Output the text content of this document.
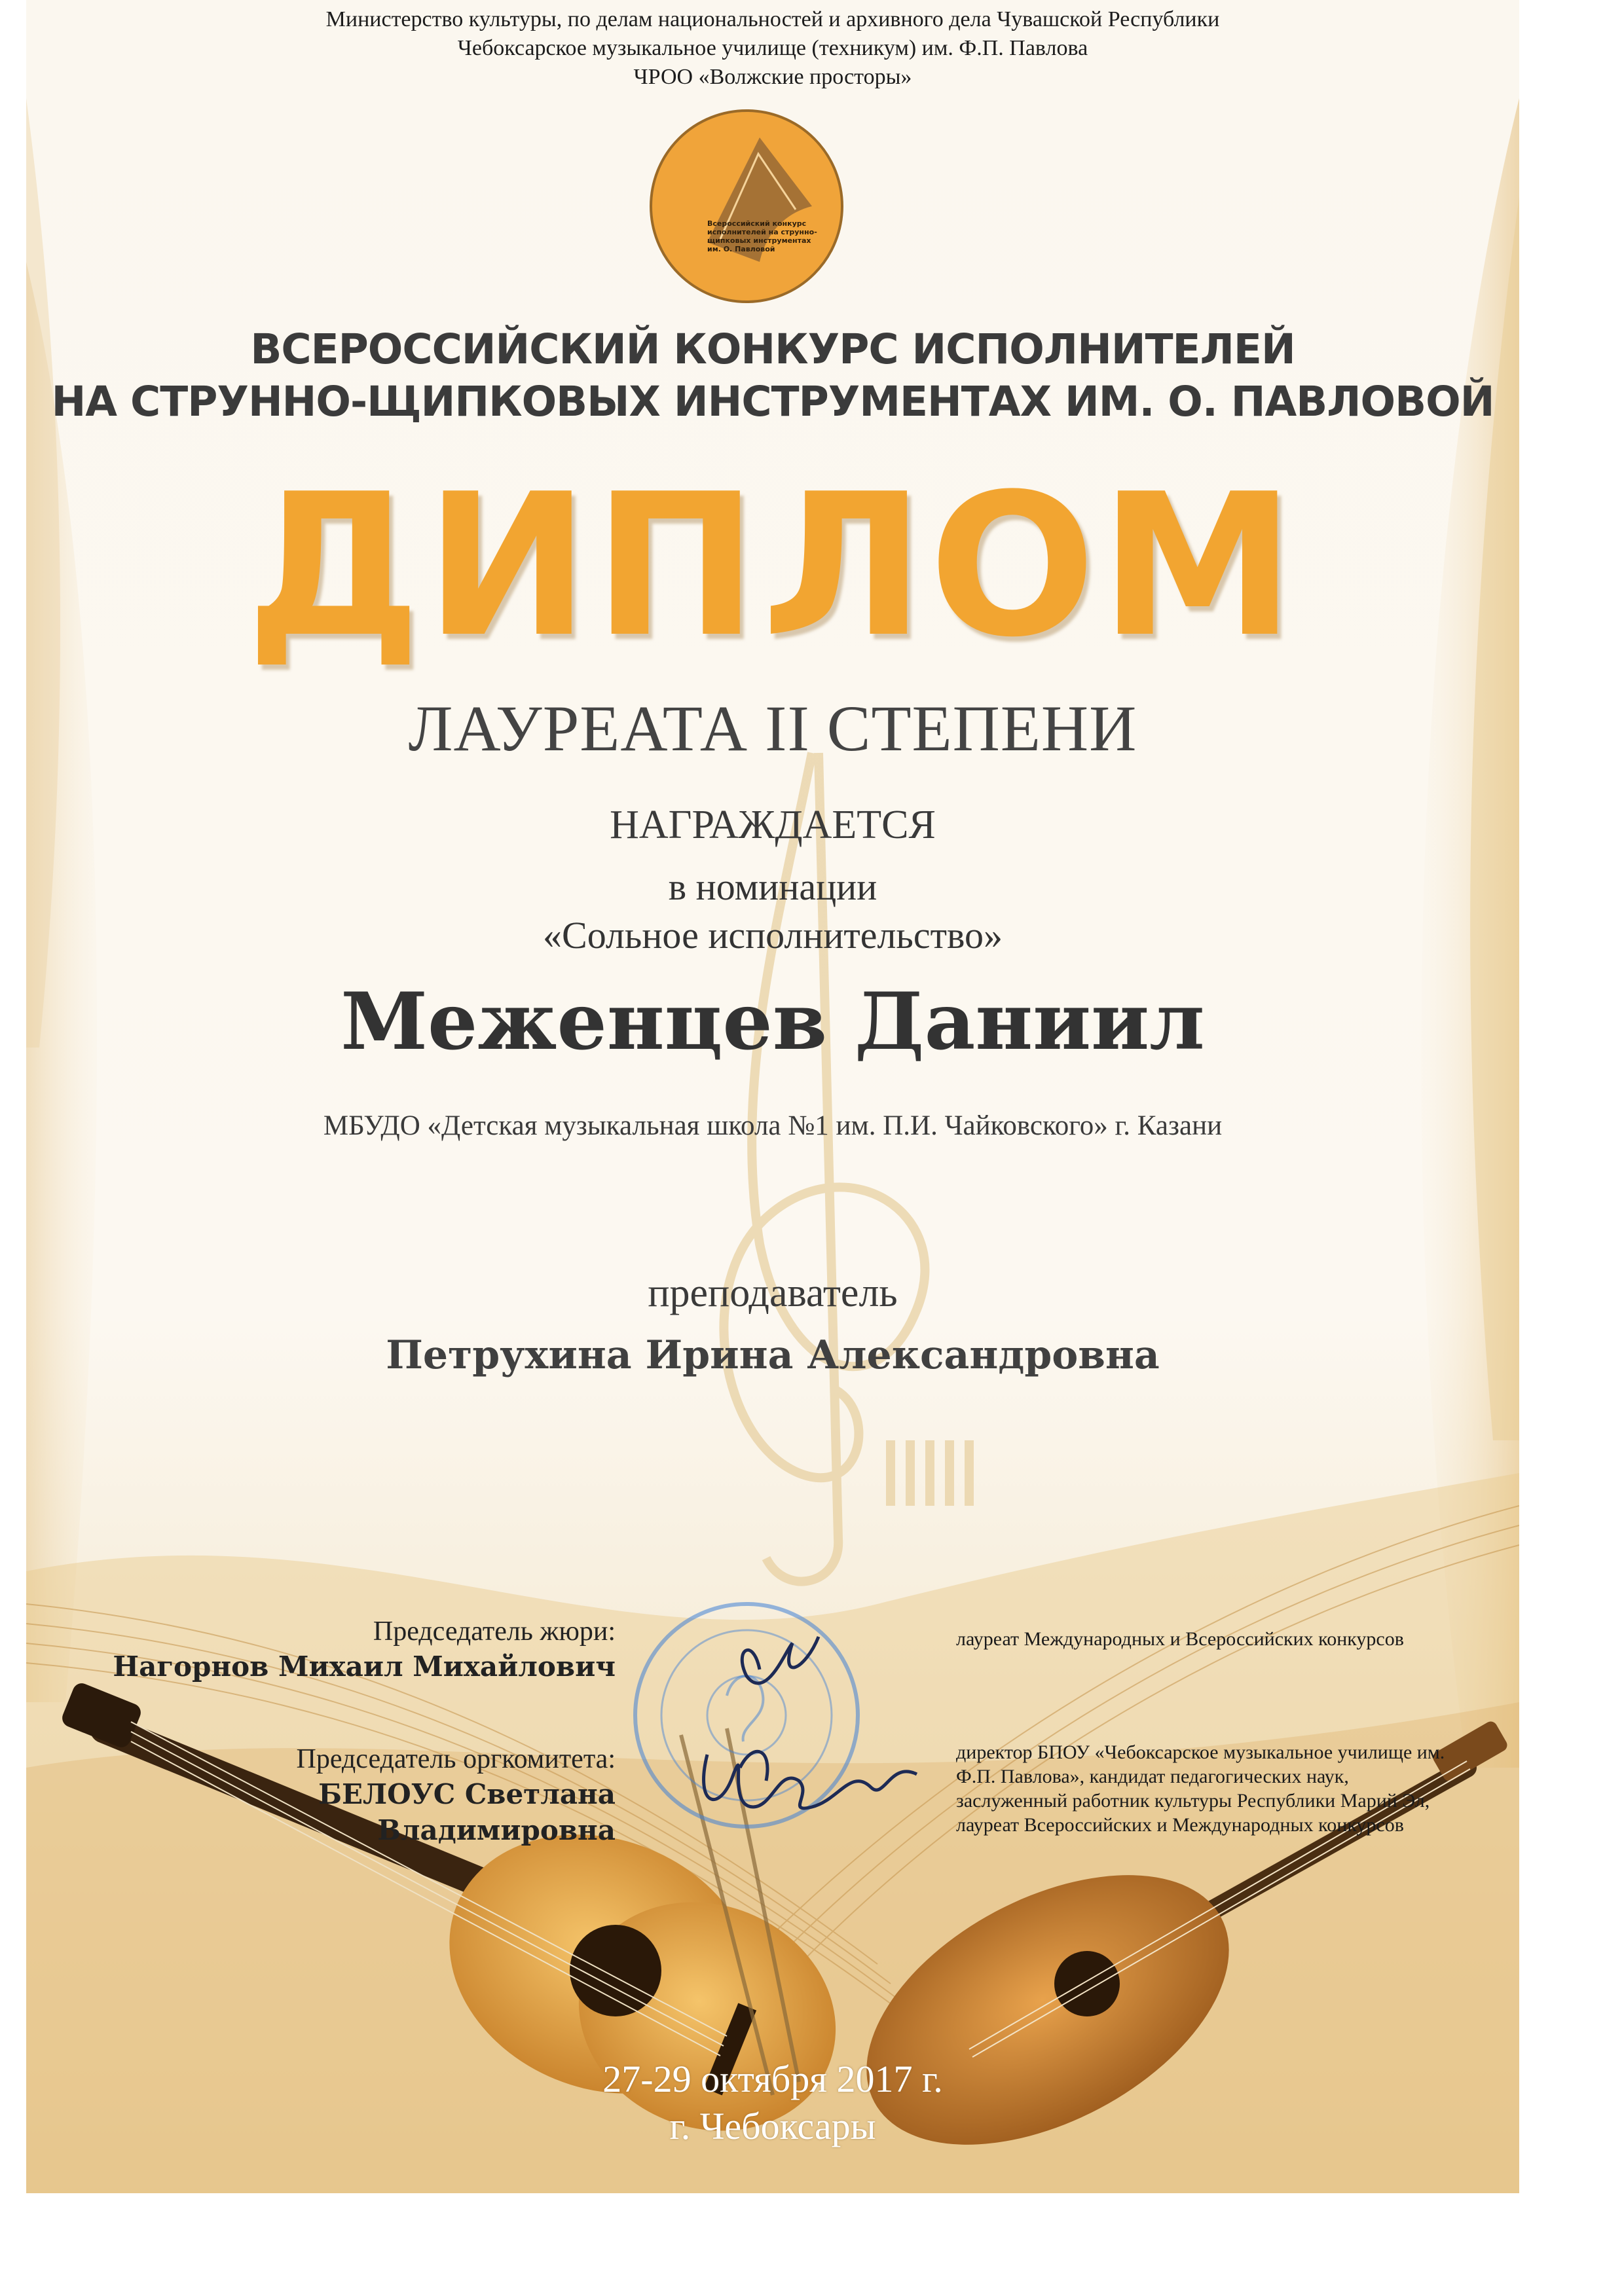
Министерство культуры, по делам национальностей и архивного дела Чувашской Республики
Чебоксарское музыкальное училище (техникум) им. Ф.П. Павлова
ЧРОО «Волжские просторы»
Всероссийский конкурс
исполнителей на струнно-
щипковых инструментах
им. О. Павловой
ВСЕРОССИЙСКИЙ КОНКУРС ИСПОЛНИТЕЛЕЙ
НА СТРУННО-ЩИПКОВЫХ ИНСТРУМЕНТАХ ИМ. О. ПАВЛОВОЙ
ДИПЛОМ
ЛАУРЕАТА II СТЕПЕНИ
НАГРАЖДАЕТСЯ
в номинации
«Сольное исполнительство»
Меженцев Даниил
МБУДО «Детская музыкальная школа №1 им. П.И. Чайковского» г. Казани
преподаватель
Петрухина Ирина Александровна
Председатель жюри:
Нагорнов Михаил Михайлович
Председатель оргкомитета:
БЕЛОУС Светлана Владимировна
лауреат Международных и Всероссийских конкурсов
директор БПОУ «Чебоксарское музыкальное училище им.
Ф.П. Павлова», кандидат педагогических наук,
заслуженный работник культуры Республики Марий Эл,
лауреат Всероссийских и Международных конкурсов
27-29 октября 2017 г.
г. Чебоксары
